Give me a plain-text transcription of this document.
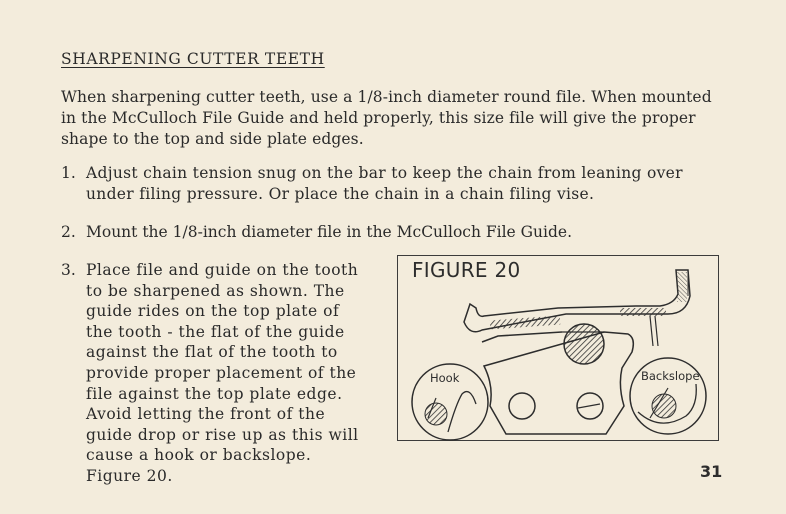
SHARPENING CUTTER TEETH
When sharpening cutter teeth, use a 1/8-inch diameter round file. When mounted in the McCulloch File Guide and held properly, this size file will give the proper shape to the top and side plate edges.
1. Adjust chain tension snug on the bar to keep the chain from leaning over under filing pressure. Or place the chain in a chain filing vise.
2. Mount the 1/8-inch diameter file in the McCulloch File Guide.
3. Place file and guide on the tooth to be sharpened as shown. The guide rides on the top plate of the tooth - the flat of the guide against the flat of the tooth to provide proper placement of the file against the top plate edge. Avoid letting the front of the guide drop or rise up as this will cause a hook or backslope. Figure 20.
FIGURE 20
Hook	Backslope
31
